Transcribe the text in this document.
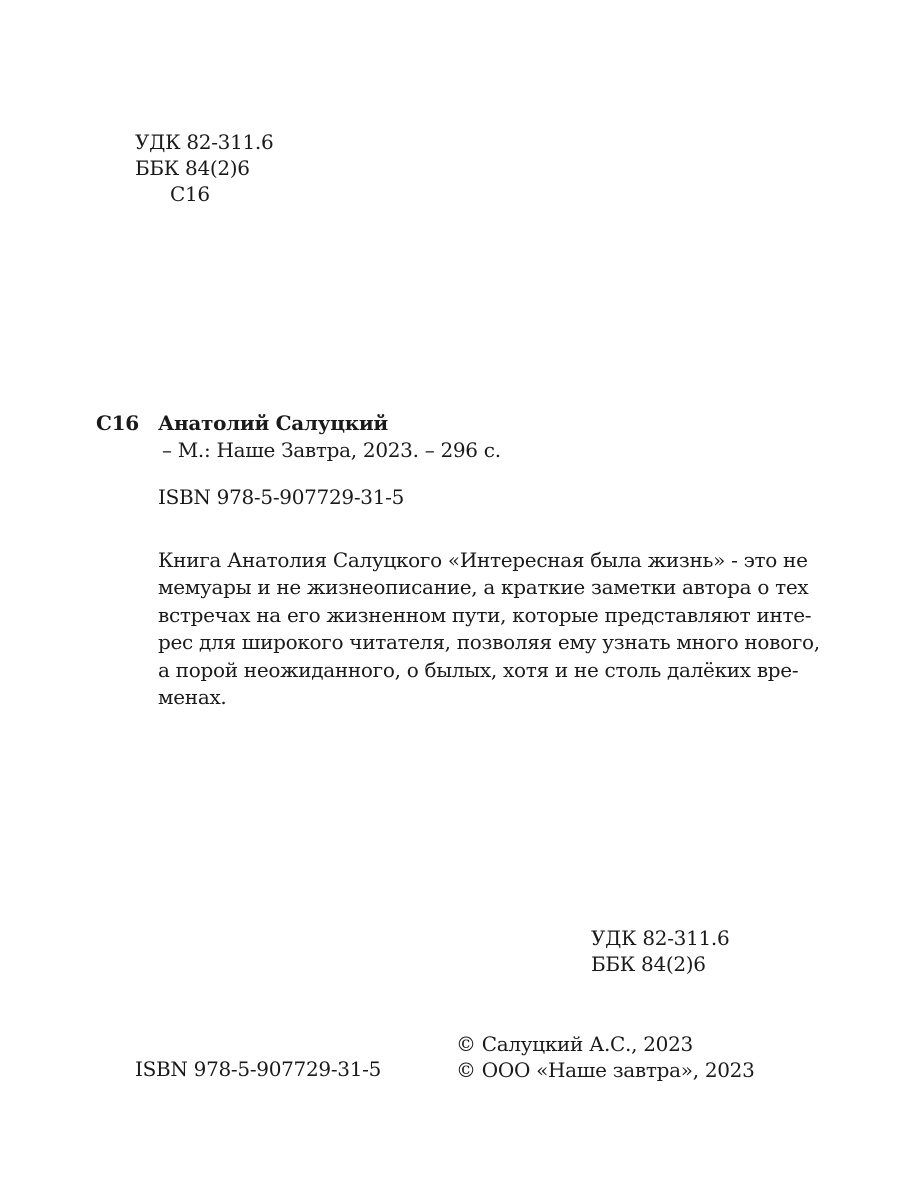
УДК 82-311.6
ББК 84(2)6
С16
С16 Анатолий Салуцкий
– М.: Наше Завтра, 2023. – 296 с.
ISBN 978-5-907729-31-5
Книга Анатолия Салуцкого «Интересная была жизнь» - это не
мемуары и не жизнеописание, а краткие заметки автора о тех
встречах на его жизненном пути, которые представляют интe-
рес для широкого читателя, позволяя ему узнать много нового,
а порой неожиданного, о былых, хотя и не столь далёких вре-
менах.
УДК 82-311.6
ББК 84(2)6
© Салуцкий А.С., 2023
ISBN 978-5-907729-31-5	© ООО «Наше завтра», 2023
